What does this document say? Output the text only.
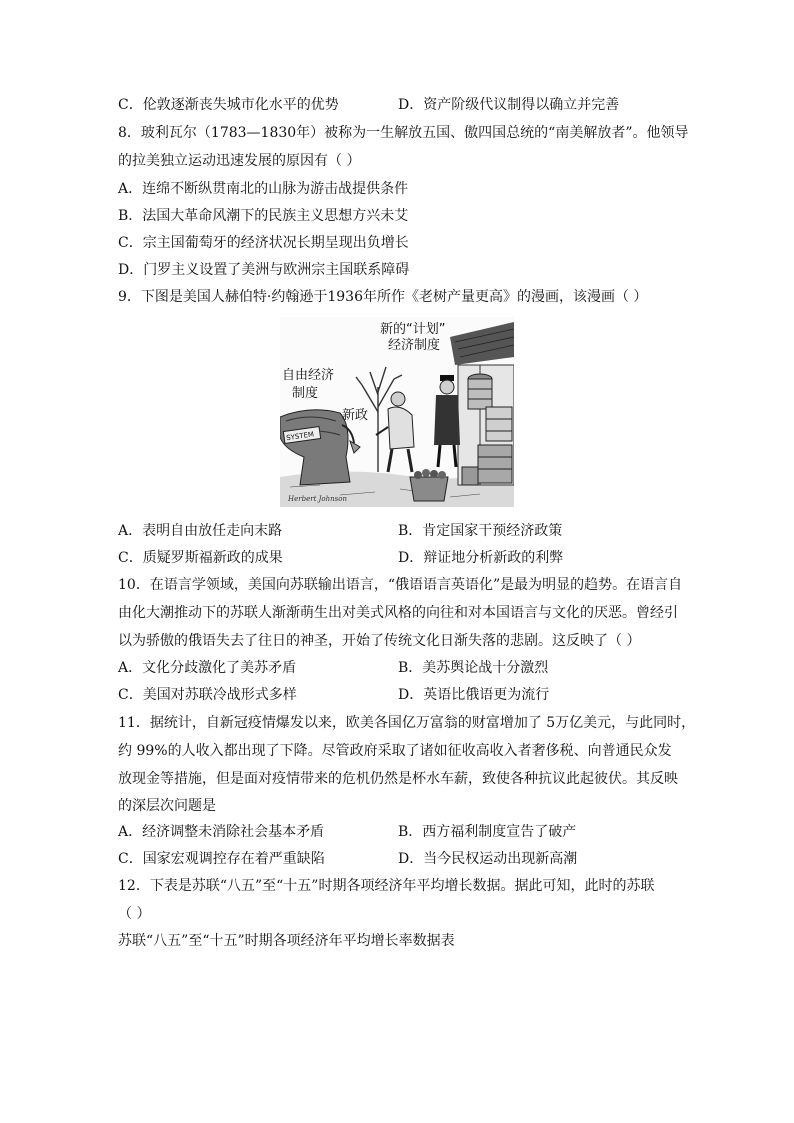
C．伦敦逐渐丧失城市化水平的优势	D．资产阶级代议制得以确立并完善
8．玻利瓦尔（1783—1830年）被称为一生解放五国、傲四国总统的“南美解放者”。他领导
的拉美独立运动迅速发展的原因有（ ）
A．连绵不断纵贯南北的山脉为游击战提供条件
B．法国大革命风潮下的民族主义思想方兴未艾
C．宗主国葡萄牙的经济状况长期呈现出负增长
D．门罗主义设置了美洲与欧洲宗主国联系障碍
9．下图是美国人赫伯特·约翰逊于1936年所作《老树产量更高》的漫画，该漫画（ ）
SYSTEM
新的“计划”
经济制度
自由经济
制度
新政
Herbert Johnson
A．表明自由放任走向末路	B．肯定国家干预经济政策
C．质疑罗斯福新政的成果	D．辩证地分析新政的利弊
10．在语言学领域，美国向苏联输出语言，“俄语语言英语化”是最为明显的趋势。在语言自
由化大潮推动下的苏联人渐渐萌生出对美式风格的向往和对本国语言与文化的厌恶。曾经引
以为骄傲的俄语失去了往日的神圣，开始了传统文化日渐失落的悲剧。这反映了（ ）
A．文化分歧激化了美苏矛盾	B．美苏舆论战十分激烈
C．美国对苏联冷战形式多样	D．英语比俄语更为流行
11．据统计，自新冠疫情爆发以来，欧美各国亿万富翁的财富增加了 5万亿美元，与此同时，
约 99%的人收入都出现了下降。尽管政府采取了诸如征收高收入者奢侈税、向普通民众发
放现金等措施，但是面对疫情带来的危机仍然是杯水车薪，致使各种抗议此起彼伏。其反映
的深层次问题是
A．经济调整未消除社会基本矛盾	B．西方福利制度宣告了破产
C．国家宏观调控存在着严重缺陷	D．当今民权运动出现新高潮
12．下表是苏联“八五”至“十五”时期各项经济年平均增长数据。据此可知，此时的苏联
（ ）
苏联“八五”至“十五”时期各项经济年平均增长率数据表
